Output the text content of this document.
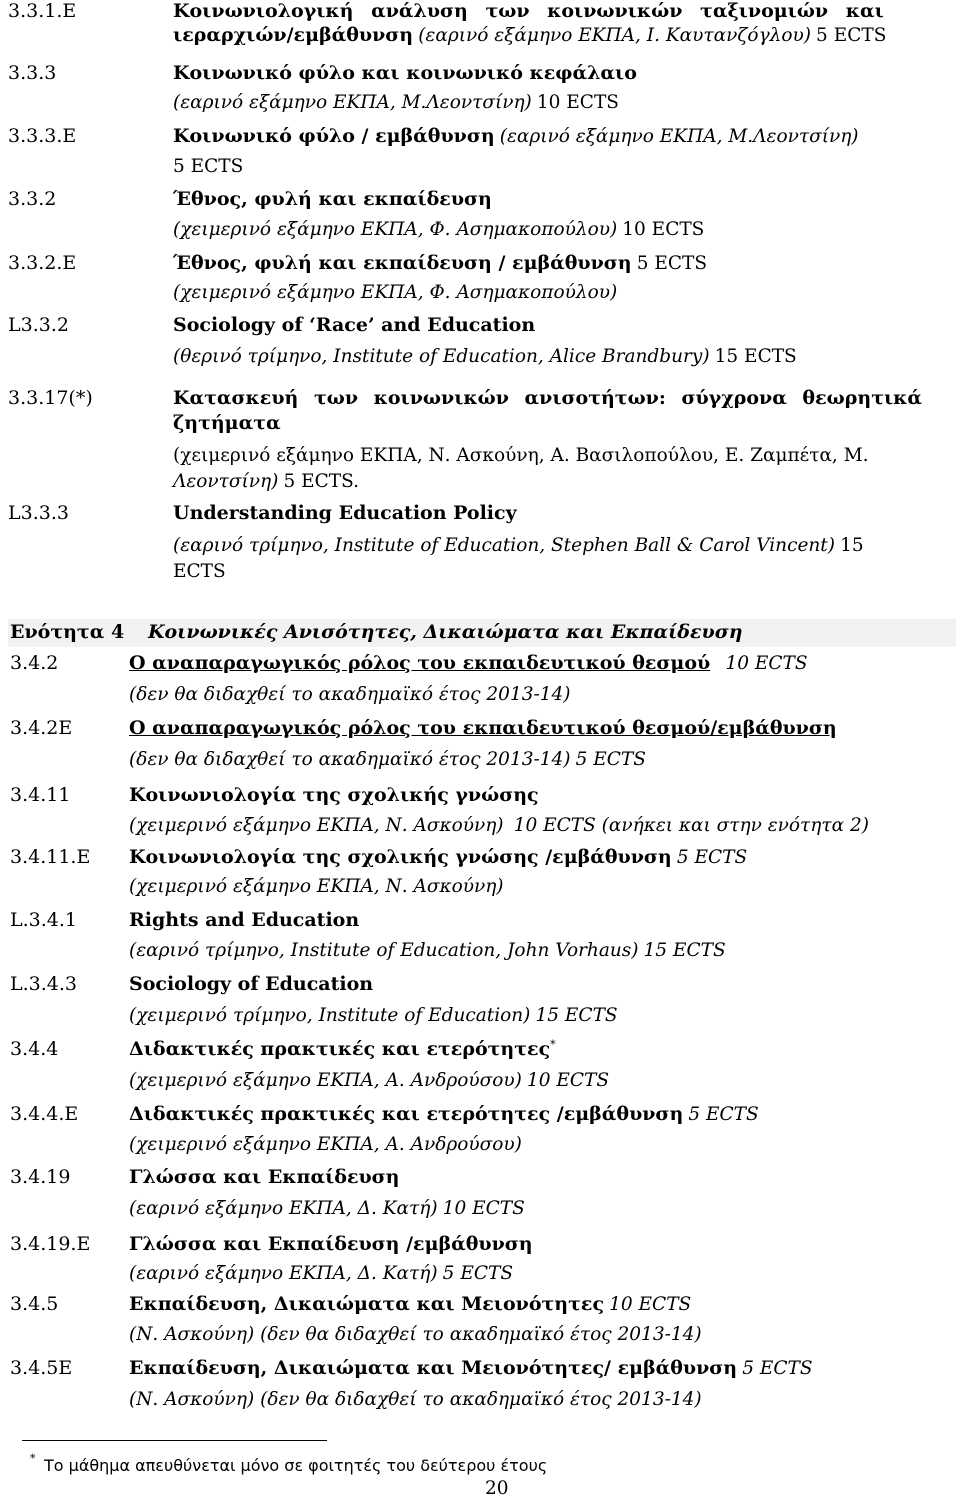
3.3.1.Ε	Κοινωνιολογική ανάλυση των κοινωνικών ταξινομιών και
ιεραρχιών/εμβάθυνση (εαρινό εξάμηνο ΕΚΠΑ, Ι. Καυτανζόγλου) 5 ECTS
3.3.3	Κοινωνικό φύλο και κοινωνικό κεφάλαιο
(εαρινό εξάμηνο ΕΚΠΑ, Μ.Λεοντσίνη) 10 ECTS
3.3.3.Ε	Κοινωνικό φύλο / εμβάθυνση (εαρινό εξάμηνο ΕΚΠΑ, Μ.Λεοντσίνη)
5 ECTS
3.3.2	Έθνος, φυλή και εκπαίδευση
(χειμερινό εξάμηνο ΕΚΠΑ, Φ. Ασημακοπούλου) 10 ECTS
3.3.2.Ε	Έθνος, φυλή και εκπαίδευση / εμβάθυνση 5 ECTS
(χειμερινό εξάμηνο ΕΚΠΑ, Φ. Ασημακοπούλου)
L3.3.2	Sociology of ‘Race’ and Education
(θερινό τρίμηνο, Institute of Education, Alice Brandbury) 15 ECTS
3.3.17(*)	Κατασκευή των κοινωνικών ανισοτήτων: σύγχρονα θεωρητικά
ζητήματα
(χειμερινό εξάμηνο ΕΚΠΑ, Ν. Ασκούνη, Α. Βασιλοπούλου, Ε. Ζαμπέτα, Μ.
Λεοντσίνη) 5 ECTS.
L3.3.3	Understanding Education Policy
(εαρινό τρίμηνο, Institute of Education, Stephen Ball & Carol Vincent) 15
ECTS
Ενότητα 4 Κοινωνικές Ανισότητες, Δικαιώματα και Εκπαίδευση
3.4.2	Ο αναπαραγωγικός ρόλος του εκπαιδευτικού θεσμού 10 ECTS
(δεν θα διδαχθεί το ακαδημαϊκό έτος 2013-14)
3.4.2Ε	Ο αναπαραγωγικός ρόλος του εκπαιδευτικού θεσμού/εμβάθυνση
(δεν θα διδαχθεί το ακαδημαϊκό έτος 2013-14) 5 ECTS
3.4.11	Κοινωνιολογία της σχολικής γνώσης
(χειμερινό εξάμηνο ΕΚΠΑ, Ν. Ασκούνη) 10 ECTS (ανήκει και στην ενότητα 2)
3.4.11.Ε Κοινωνιολογία της σχολικής γνώσης /εμβάθυνση 5 ECTS
(χειμερινό εξάμηνο ΕΚΠΑ, Ν. Ασκούνη)
L.3.4.1	Rights and Education
(εαρινό τρίμηνο, Institute of Education, John Vorhaus) 15 ECTS
L.3.4.3	Sociology of Education
(χειμερινό τρίμηνο, Institute of Education) 15 ECTS
3.4.4	Διδακτικές πρακτικές και ετερότητες*
(χειμερινό εξάμηνο ΕΚΠΑ, Α. Ανδρούσου) 10 ECTS
3.4.4.Ε	Διδακτικές πρακτικές και ετερότητες /εμβάθυνση 5 ECTS
(χειμερινό εξάμηνο ΕΚΠΑ, Α. Ανδρούσου)
3.4.19	Γλώσσα και Εκπαίδευση
(εαρινό εξάμηνο ΕΚΠΑ, Δ. Κατή) 10 ECTS
3.4.19.Ε Γλώσσα και Εκπαίδευση /εμβάθυνση
(εαρινό εξάμηνο ΕΚΠΑ, Δ. Κατή) 5 ECTS
3.4.5	Εκπαίδευση, Δικαιώματα και Μειονότητες 10 ECTS
(Ν. Ασκούνη) (δεν θα διδαχθεί το ακαδημαϊκό έτος 2013-14)
3.4.5Ε	Εκπαίδευση, Δικαιώματα και Μειονότητες/ εμβάθυνση 5 ECTS
(Ν. Ασκούνη) (δεν θα διδαχθεί το ακαδημαϊκό έτος 2013-14)
* Το μάθημα απευθύνεται μόνο σε φοιτητές του δεύτερου έτους
20
